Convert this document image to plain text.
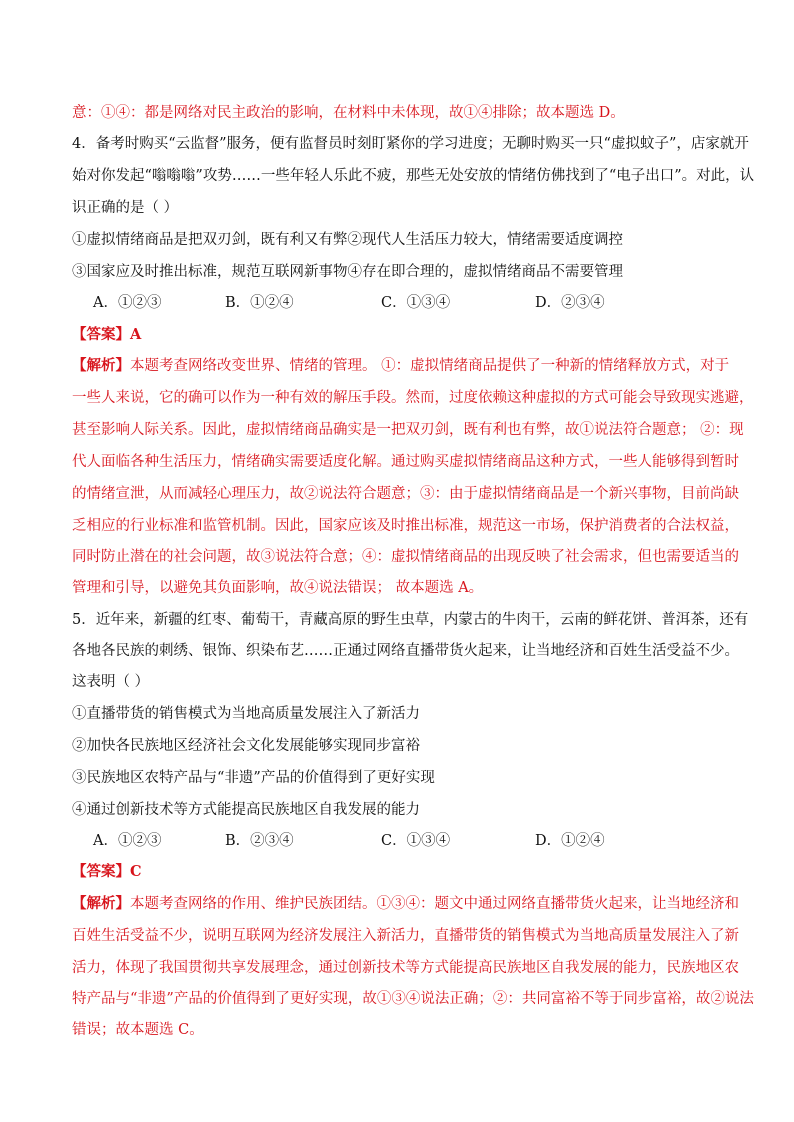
意：①④：都是网络对民主政治的影响，在材料中未体现，故①④排除；故本题选 D。
4．备考时购买“云监督”服务，便有监督员时刻盯紧你的学习进度；无聊时购买一只“虚拟蚊子”，店家就开
始对你发起“嗡嗡嗡”攻势……一些年轻人乐此不疲，那些无处安放的情绪仿佛找到了“电子出口”。对此，认
识正确的是（ ）
①虚拟情绪商品是把双刃剑，既有利又有弊②现代人生活压力较大，情绪需要适度调控
③国家应及时推出标准，规范互联网新事物④存在即合理的，虚拟情绪商品不需要管理
A．①②③	B．①②④	C．①③④	D．②③④
【答案】A
【解析】本题考查网络改变世界、情绪的管理。 ①：虚拟情绪商品提供了一种新的情绪释放方式，对于
一些人来说，它的确可以作为一种有效的解压手段。然而，过度依赖这种虚拟的方式可能会导致现实逃避，
甚至影响人际关系。因此，虚拟情绪商品确实是一把双刃剑，既有利也有弊，故①说法符合题意； ②：现
代人面临各种生活压力，情绪确实需要适度化解。通过购买虚拟情绪商品这种方式，一些人能够得到暂时
的情绪宣泄，从而减轻心理压力，故②说法符合题意；③：由于虚拟情绪商品是一个新兴事物，目前尚缺
乏相应的行业标准和监管机制。因此，国家应该及时推出标准，规范这一市场，保护消费者的合法权益，
同时防止潜在的社会问题，故③说法符合意；④：虚拟情绪商品的出现反映了社会需求，但也需要适当的
管理和引导，以避免其负面影响，故④说法错误； 故本题选 A。
5．近年来，新疆的红枣、葡萄干，青藏高原的野生虫草，内蒙古的牛肉干，云南的鲜花饼、普洱茶，还有
各地各民族的刺绣、银饰、织染布艺……正通过网络直播带货火起来，让当地经济和百姓生活受益不少。
这表明（ ）
①直播带货的销售模式为当地高质量发展注入了新活力
②加快各民族地区经济社会文化发展能够实现同步富裕
③民族地区农特产品与“非遗”产品的价值得到了更好实现
④通过创新技术等方式能提高民族地区自我发展的能力
A．①②③	B．②③④	C．①③④	D．①②④
【答案】C
【解析】本题考查网络的作用、维护民族团结。①③④：题文中通过网络直播带货火起来，让当地经济和
百姓生活受益不少，说明互联网为经济发展注入新活力，直播带货的销售模式为当地高质量发展注入了新
活力，体现了我国贯彻共享发展理念，通过创新技术等方式能提高民族地区自我发展的能力，民族地区农
特产品与“非遗”产品的价值得到了更好实现，故①③④说法正确；②：共同富裕不等于同步富裕，故②说法
错误；故本题选 C。
